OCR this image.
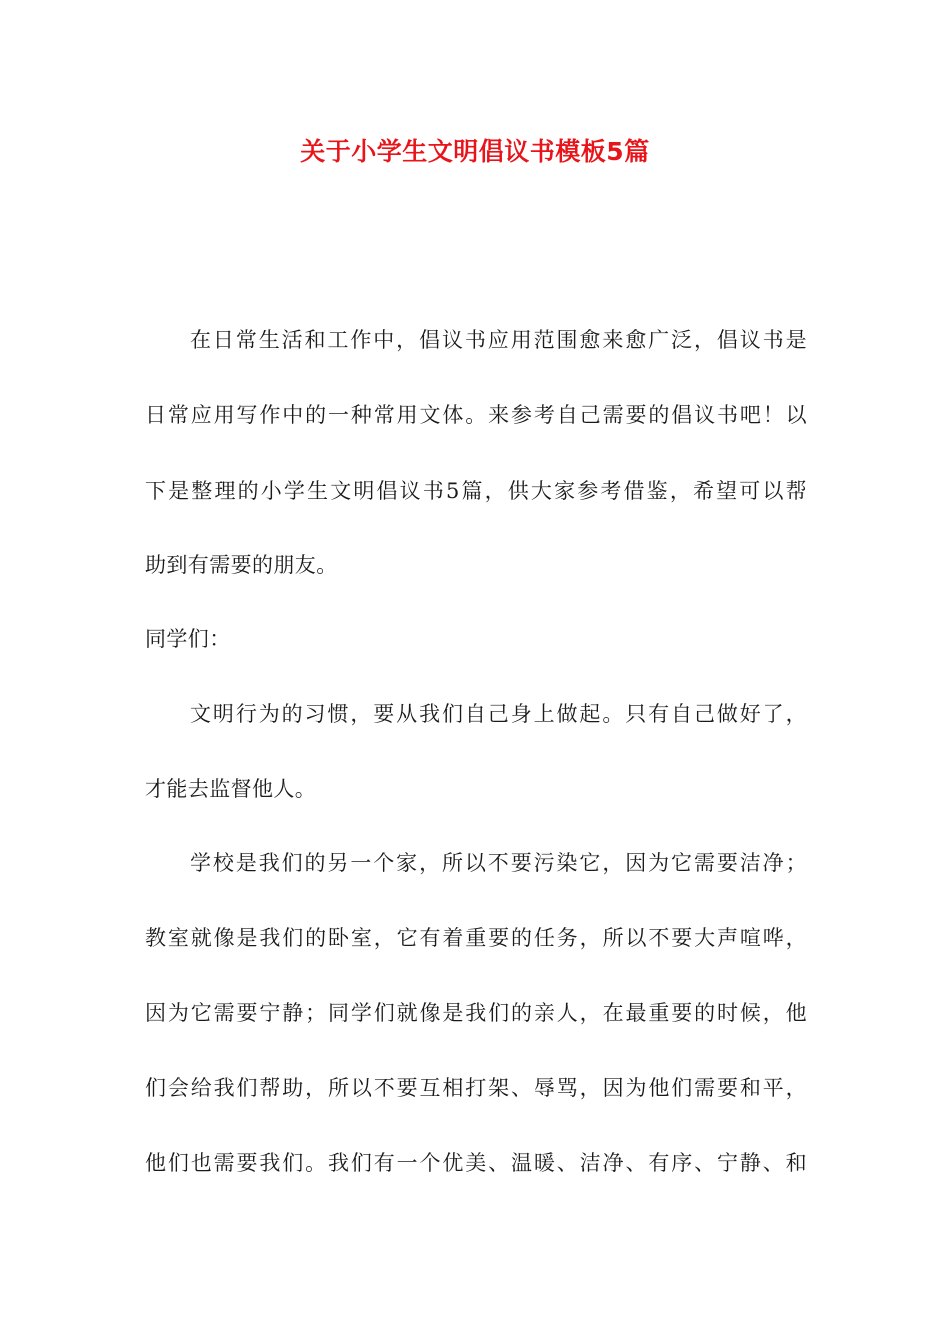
关于小学生文明倡议书模板5篇
在日常生活和工作中，倡议书应用范围愈来愈广泛，倡议书是
日常应用写作中的一种常用文体。来参考自己需要的倡议书吧！以
下是整理的小学生文明倡议书5篇，供大家参考借鉴，希望可以帮
助到有需要的朋友。
同学们：
文明行为的习惯，要从我们自己身上做起。只有自己做好了，
才能去监督他人。
学校是我们的另一个家，所以不要污染它，因为它需要洁净；
教室就像是我们的卧室，它有着重要的任务，所以不要大声喧哗，
因为它需要宁静；同学们就像是我们的亲人，在最重要的时候，他
们会给我们帮助，所以不要互相打架、辱骂，因为他们需要和平，
他们也需要我们。我们有一个优美、温暖、洁净、有序、宁静、和
